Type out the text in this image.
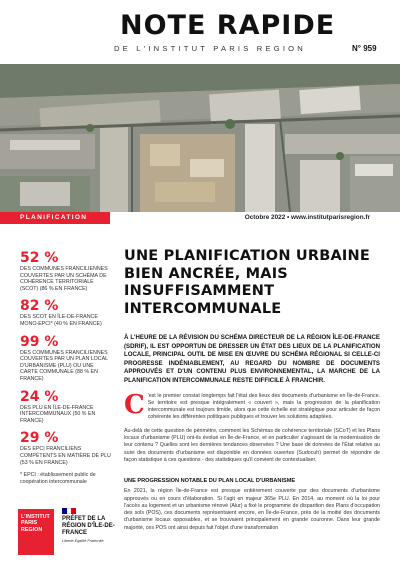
NOTE RAPIDE
DE L'INSTITUT PARIS REGION	N° 959
PLANIFICATION	Octobre 2022 • www.institutparisregion.fr
52 %
DES COMMUNES FRANCILIENNES COUVERTES PAR UN SCHÉMA DE COHÉRENCE TERRITORIALE (SCOT) (86 % EN FRANCE)
82 %
DES SCOT EN ÎLE-DE-FRANCE MONO-EPCI* (40 % EN FRANCE)
99 %
DES COMMUNES FRANCILIENNES COUVERTES PAR UN PLAN LOCAL D'URBANISME (PLU) OU UNE CARTE COMMUNALE (88 % EN FRANCE)
24 %
DES PLU EN ÎLE-DE-FRANCE INTERCOMMUNAUX (50 % EN FRANCE)
29 %
DES EPCI FRANCILIENS COMPÉTENTS EN MATIÈRE DE PLU (53 % EN FRANCE)
* EPCI : établissement public de coopération intercommunale
L'INSTITUT PARIS REGION
PRÉFET DE LA RÉGION D'ÎLE-DE-FRANCE
Liberté Égalité Fraternité
UNE PLANIFICATION URBAINE BIEN ANCRÉE, MAIS INSUFFISAMMENT INTERCOMMUNALE
À L'HEURE DE LA RÉVISION DU SCHÉMA DIRECTEUR DE LA RÉGION ÎLE-DE-FRANCE (SDRIF), IL EST OPPORTUN DE DRESSER UN ÉTAT DES LIEUX DE LA PLANIFICATION LOCALE, PRINCIPAL OUTIL DE MISE EN ŒUVRE DU SCHÉMA RÉGIONAL SI CELLE-CI PROGRESSE INDÉNIABLEMENT, AU REGARD DU NOMBRE DE DOCUMENTS APPROUVÉS ET D'UN CONTENU PLUS ENVIRONNEMENTAL, LA MARCHE DE LA PLANIFICATION INTERCOMMUNALE RESTE DIFFICILE À FRANCHIR.
C 'est le premier constat longtemps fait l'état des lieux des documents d'urbanisme en Île-de-France. Se territoire est presque intégralement « couvert », mais la progression de la planification intercommunale est toujours timide, alors que cette échelle est stratégique pour articuler de façon cohérente les différentes politiques publiques et trouver les solutions adaptées.
Au-delà de cette question de périmètre, comment les Schémas de cohérence territoriale (SCoT) et les Plans locaux d'urbanisme (PLU) ont-ils évolué en Île-de-France, et en particulier s'agissant de la modernisation de leur contenu ? Quelles sont les dernières tendances observées ? Une base de données de l'État relative au suivi des documents d'urbanisme est disponible en données ouvertes (Sudocuh) permet de répondre de façon statistique à ces questions - des statistiques qu'il convient de contextualiser.
UNE PROGRESSION NOTABLE DU PLAN LOCAL D'URBANISME
En 2021, la région Île-de-France est presque entièrement couverte par des documents d'urbanisme approuvés ou en cours d'élaboration. Si l'agit en majeur 365e PLU. En 2014, au moment où la loi pour l'accès au logement et un urbanisme rénové (Alur) a fixé le programme de disparition des Plans d'occupation des sols (POS), ces documents représentaient encore, en Île-de-France, près de la moitié des documents d'urbanisme locaux opposables, et se trouvaient principalement en grande couronne. Dans leur grande majorité, ces POS ont ainsi depuis fait l'objet d'une transformation
